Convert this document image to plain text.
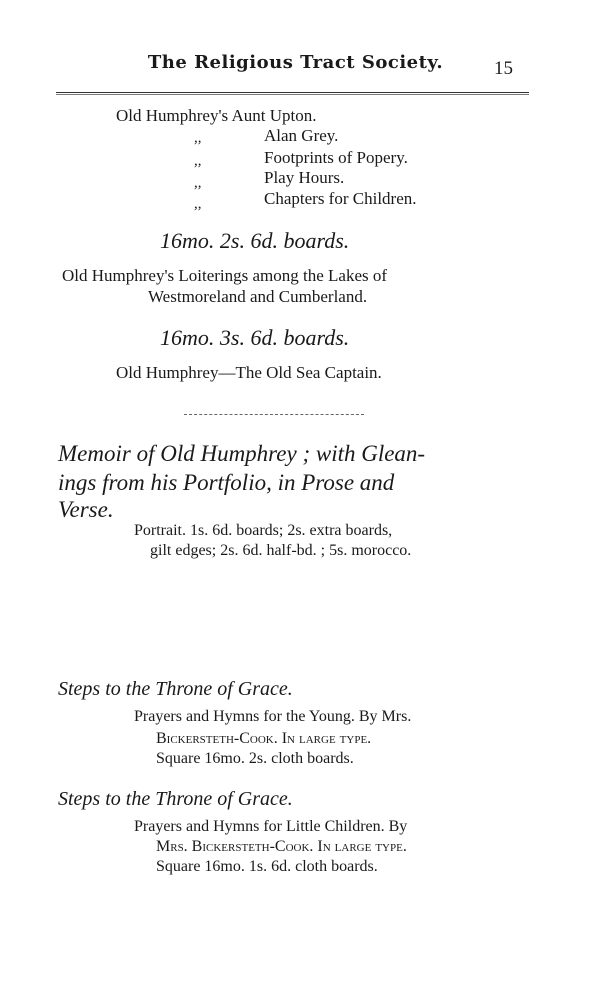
The Religious Tract Society.	15
Old Humphrey's Aunt Upton.
,,	Alan Grey.
,,	Footprints of Popery.
,,	Play Hours.
,,	Chapters for Children.
16mo. 2s. 6d. boards.
Old Humphrey's Loiterings among the Lakes of
Westmoreland and Cumberland.
16mo. 3s. 6d. boards.
Old Humphrey—The Old Sea Captain.
Memoir of Old Humphrey ; with Glean-
ings from his Portfolio, in Prose and
Verse.
Portrait. 1s. 6d. boards; 2s. extra boards,
gilt edges; 2s. 6d. half-bd. ; 5s. morocco.
Steps to the Throne of Grace.
Prayers and Hymns for the Young. By Mrs.
Bickersteth-Cook. In large type.
Square 16mo. 2s. cloth boards.
Steps to the Throne of Grace.
Prayers and Hymns for Little Children. By
Mrs. Bickersteth-Cook. In large type.
Square 16mo. 1s. 6d. cloth boards.
